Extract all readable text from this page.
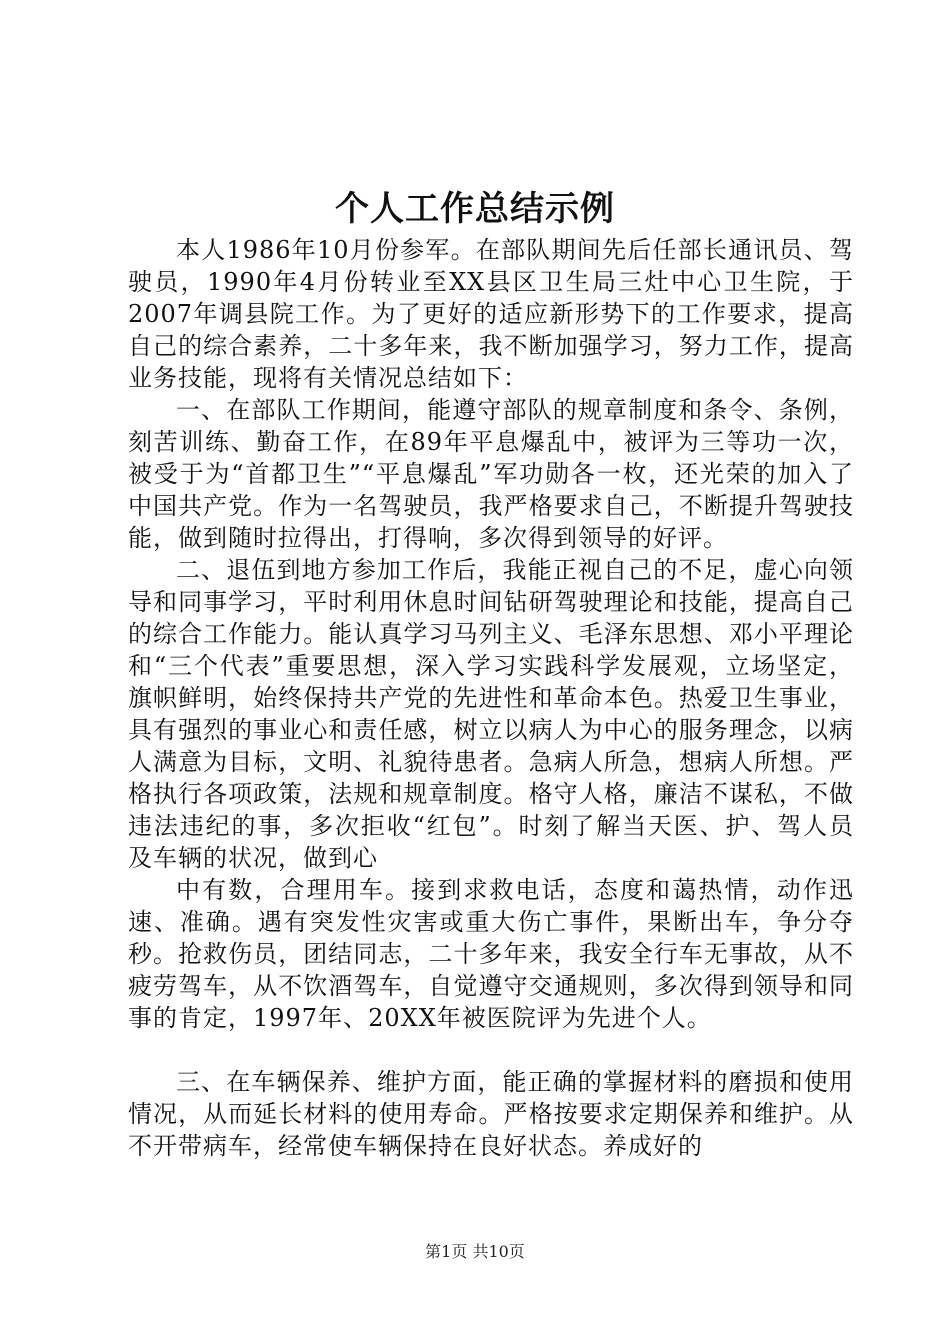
个人工作总结示例

本人1986年10月份参军。在部队期间先后任部长通讯员、驾驶员，1990年4月份转业至XX县区卫生局三灶中心卫生院，于2007年调县院工作。为了更好的适应新形势下的工作要求，提高自己的综合素养，二十多年来，我不断加强学习，努力工作，提高业务技能，现将有关情况总结如下：

一、在部队工作期间，能遵守部队的规章制度和条令、条例，刻苦训练、勤奋工作，在89年平息爆乱中，被评为三等功一次，被受于为“首都卫生”“平息爆乱”军功勋各一枚，还光荣的加入了中国共产党。作为一名驾驶员，我严格要求自己，不断提升驾驶技能，做到随时拉得出，打得响，多次得到领导的好评。

二、退伍到地方参加工作后，我能正视自己的不足，虚心向领导和同事学习，平时利用休息时间钻研驾驶理论和技能，提高自己的综合工作能力。能认真学习马列主义、毛泽东思想、邓小平理论和“三个代表”重要思想，深入学习实践科学发展观，立场坚定，旗帜鲜明，始终保持共产党的先进性和革命本色。热爱卫生事业，具有强烈的事业心和责任感，树立以病人为中心的服务理念，以病人满意为目标，文明、礼貌待患者。急病人所急，想病人所想。严格执行各项政策，法规和规章制度。格守人格，廉洁不谋私，不做违法违纪的事，多次拒收“红包”。时刻了解当天医、护、驾人员及车辆的状况，做到心

中有数，合理用车。接到求救电话，态度和蔼热情，动作迅速、准确。遇有突发性灾害或重大伤亡事件，果断出车，争分夺秒。抢救伤员，团结同志，二十多年来，我安全行车无事故，从不疲劳驾车，从不饮酒驾车，自觉遵守交通规则，多次得到领导和同事的肯定，1997年、20XX年被医院评为先进个人。

三、在车辆保养、维护方面，能正确的掌握材料的磨损和使用情况，从而延长材料的使用寿命。严格按要求定期保养和维护。从不开带病车，经常使车辆保持在良好状态。养成好的

第1页 共10页
